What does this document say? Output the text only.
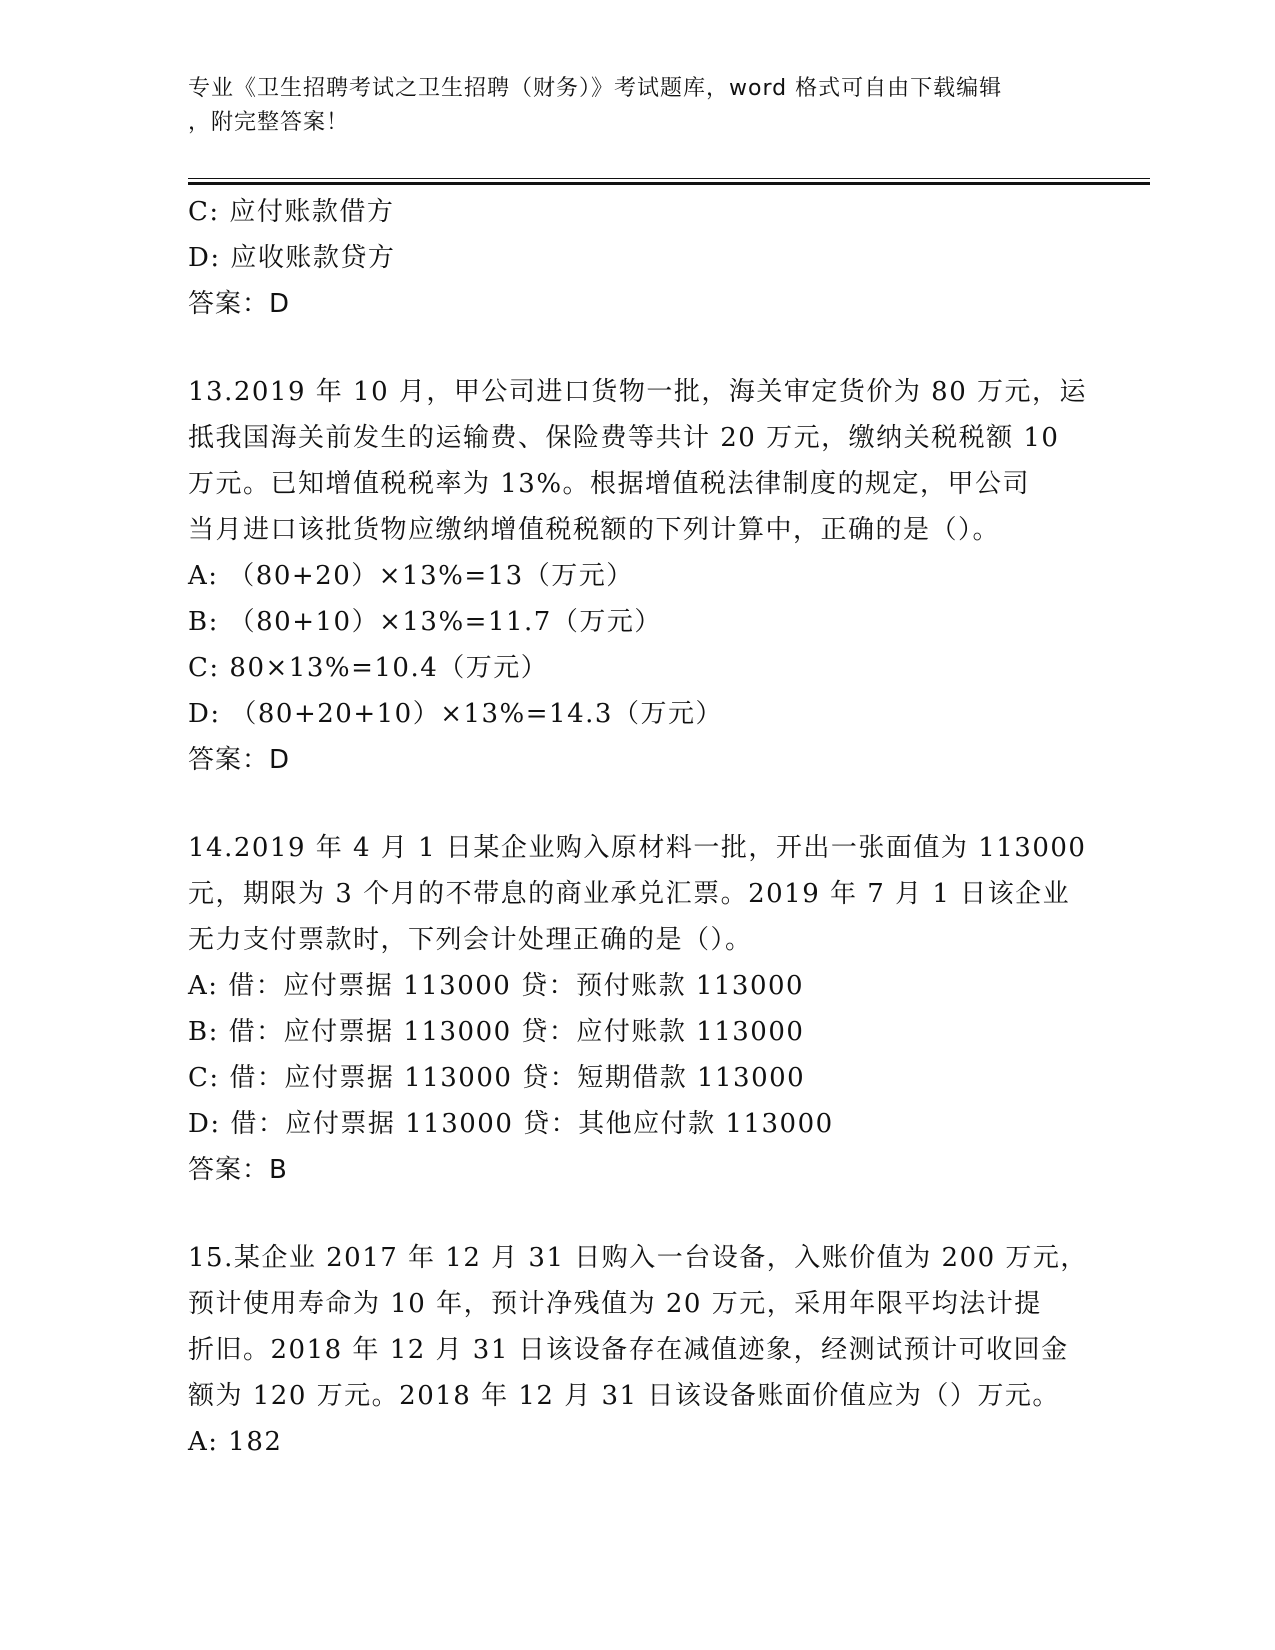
专业《卫生招聘考试之卫生招聘（财务）》考试题库，word 格式可自由下载编辑
，附完整答案！
C: 应付账款借方
D: 应收账款贷方
答案：D
13.2019 年 10 月，甲公司进口货物一批，海关审定货价为 80 万元，运
抵我国海关前发生的运输费、保险费等共计 20 万元，缴纳关税税额 10
万元。已知增值税税率为 13%。根据增值税法律制度的规定，甲公司
当月进口该批货物应缴纳增值税税额的下列计算中，正确的是（）。
A: （80+20）×13%=13（万元）
B: （80+10）×13%=11.7（万元）
C: 80×13%=10.4（万元）
D: （80+20+10）×13%=14.3（万元）
答案：D
14.2019 年 4 月 1 日某企业购入原材料一批，开出一张面值为 113000
元，期限为 3 个月的不带息的商业承兑汇票。2019 年 7 月 1 日该企业
无力支付票款时，下列会计处理正确的是（）。
A: 借：应付票据 113000 贷：预付账款 113000
B: 借：应付票据 113000 贷：应付账款 113000
C: 借：应付票据 113000 贷：短期借款 113000
D: 借：应付票据 113000 贷：其他应付款 113000
答案：B
15.某企业 2017 年 12 月 31 日购入一台设备，入账价值为 200 万元，
预计使用寿命为 10 年，预计净残值为 20 万元，采用年限平均法计提
折旧。2018 年 12 月 31 日该设备存在减值迹象，经测试预计可收回金
额为 120 万元。2018 年 12 月 31 日该设备账面价值应为（）万元。
A: 182
